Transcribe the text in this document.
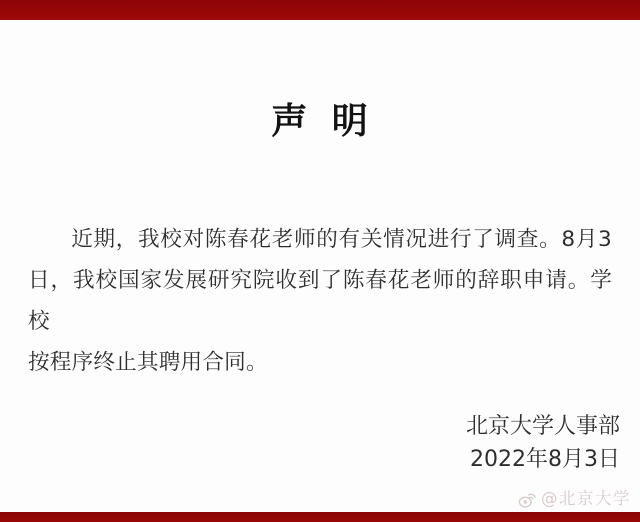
声 明
近期，我校对陈春花老师的有关情况进行了调查。8月3
日，我校国家发展研究院收到了陈春花老师的辞职申请。学校
按程序终止其聘用合同。
北京大学人事部
2022年8月3日
@北京大学
